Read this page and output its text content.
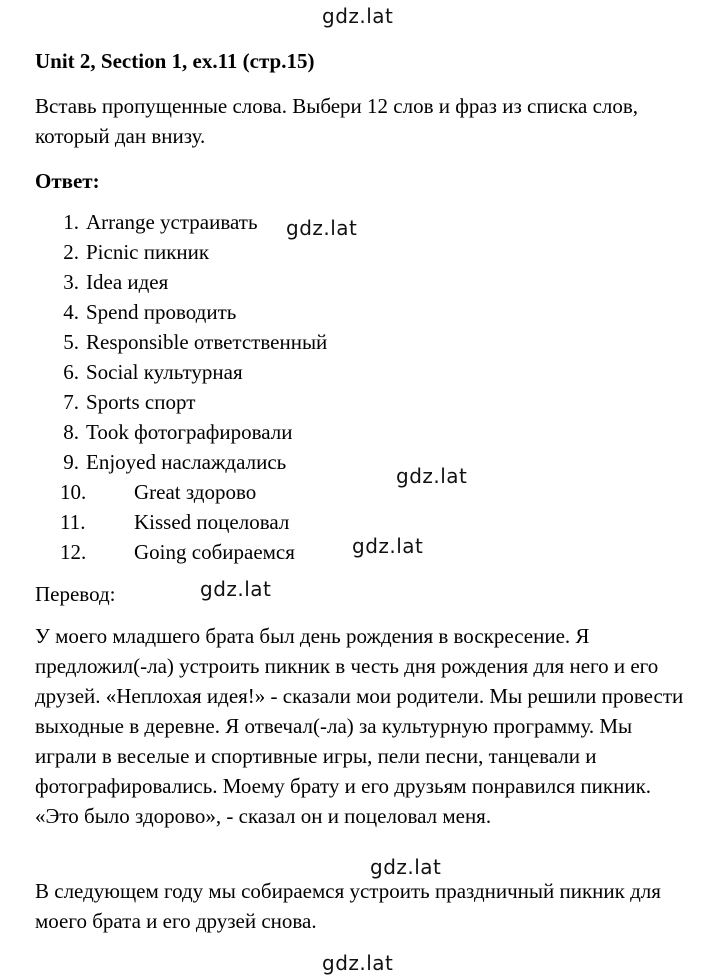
gdz.lat
gdz.lat
gdz.lat
gdz.lat
gdz.lat
gdz.lat
gdz.lat
Unit 2, Section 1, ex.11 (стр.15)

Вставь пропущенные слова. Выбери 12 слов и фраз из списка слов, который дан внизу.

Ответ:
1. Arrange устраивать
2. Picnic пикник
3. Idea идея
4. Spend проводить
5. Responsible ответственный
6. Social культурная
7. Sports спорт
8. Took фотографировали
9. Enjoyed наслаждались
10.	Great здорово
11.	Kissed поцеловал
12.	Going собираемся

Перевод:

У моего младшего брата был день рождения в воскресение. Я предложил(-ла) устроить пикник в честь дня рождения для него и его друзей. «Неплохая идея!» - сказали мои родители. Мы решили провести выходные в деревне. Я отвечал(-ла) за культурную программу. Мы играли в веселые и спортивные игры, пели песни, танцевали и фотографировались. Моему брату и его друзьям понравился пикник. «Это было здорово», - сказал он и поцеловал меня.

В следующем году мы собираемся устроить праздничный пикник для моего брата и его друзей снова.
